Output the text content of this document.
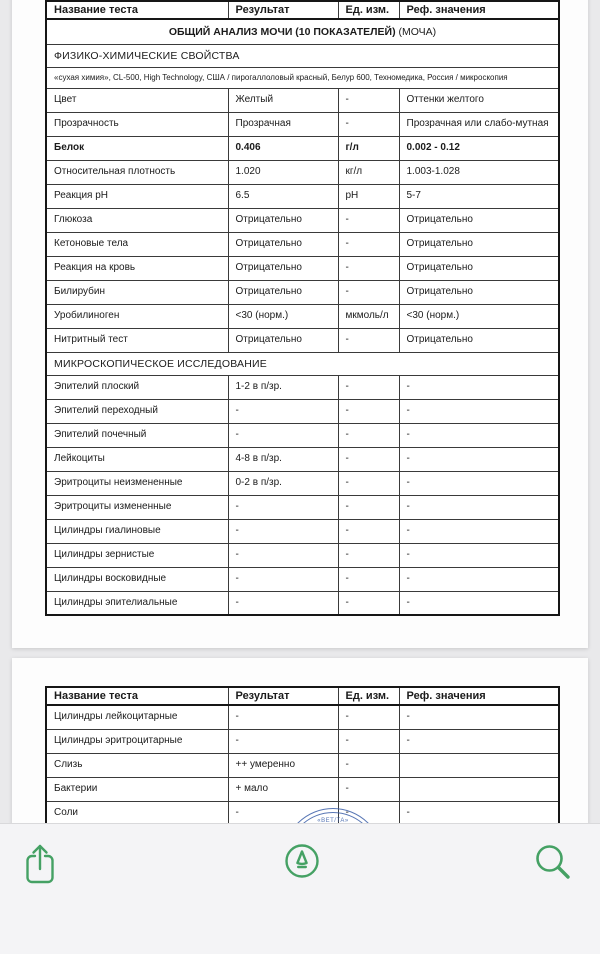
Название теста	Результат	Ед. изм.	Реф. значения
ОБЩИЙ АНАЛИЗ МОЧИ (10 ПОКАЗАТЕЛЕЙ) (МОЧА)			
ФИЗИКО-ХИМИЧЕСКИЕ СВОЙСТВА			
«сухая химия», CL-500, High Technology, США / пирогаллоловый красный, Белур 600, Техномедика, Россия / микроскопия			
Цвет	Желтый	-	Оттенки желтого
Прозрачность	Прозрачная	-	Прозрачная или слабо-мутная
Белок	0.406	г/л	0.002 - 0.12
Относительная плотность	1.020	кг/л	1.003-1.028
Реакция pH	6.5	pH	5-7
Глюкоза	Отрицательно	-	Отрицательно
Кетоновые тела	Отрицательно	-	Отрицательно
Реакция на кровь	Отрицательно	-	Отрицательно
Билирубин	Отрицательно	-	Отрицательно
Уробилиноген	<30 (норм.)	мкмоль/л	<30 (норм.)
Нитритный тест	Отрицательно	-	Отрицательно
МИКРОСКОПИЧЕСКОЕ ИССЛЕДОВАНИЕ			
Эпителий плоский	1-2 в п/зр.	-	-
Эпителий переходный	-	-	-
Эпителий почечный	-	-	-
Лейкоциты	4-8 в п/зр.	-	-
Эритроциты неизмененные	0-2 в п/зр.	-	-
Эритроциты измененные	-	-	-
Цилиндры гиалиновые	-	-	-
Цилиндры зернистые	-	-	-
Цилиндры восковидные	-	-	-
Цилиндры эпителиальные	-	-	-
Название теста	Результат	Ед. изм.	Реф. значения
Цилиндры лейкоцитарные	-	-	-
Цилиндры эритроцитарные	-	-	-
Слизь	++ умеренно	-	
Бактерии	+ мало	-	
Соли	-	-	-
«ВЕТ/ТА»
